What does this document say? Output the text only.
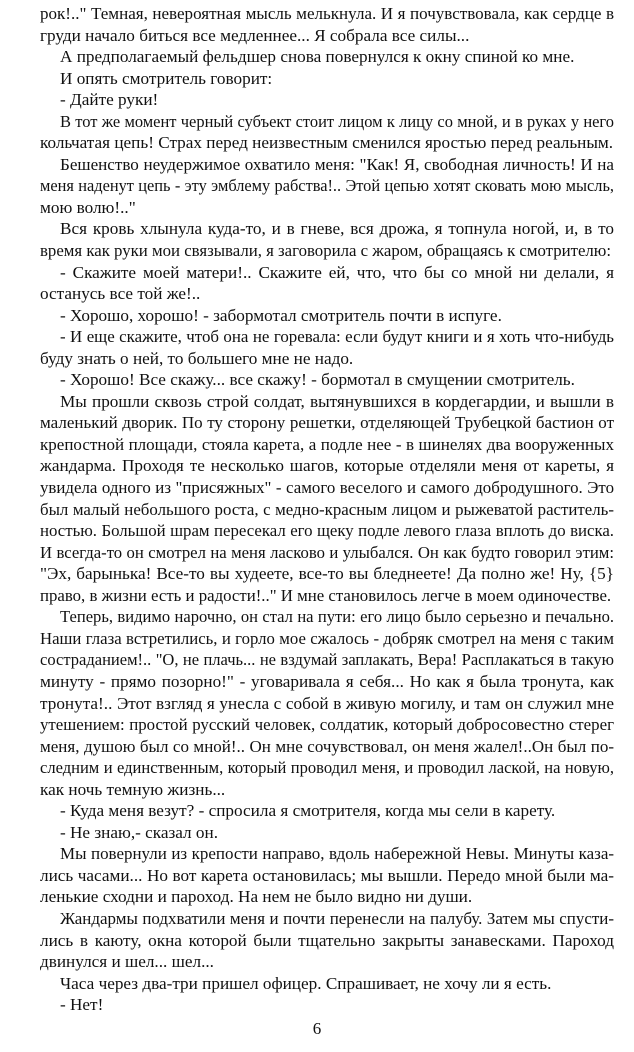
рок!.." Темная, невероятная мысль мелькнула. И я почувствовала, как сердце в
груди начало биться все медленнее... Я собрала все силы...
А предполагаемый фельдшер снова повернулся к окну спиной ко мне.
И опять смотритель говорит:
- Дайте руки!
В тот же момент черный субъект стоит лицом к лицу со мной, и в руках у него
кольчатая цепь! Страх перед неизвестным сменился яростью перед реальным.
Бешенство неудержимое охватило меня: "Как! Я, свободная личность! И на
меня наденут цепь - эту эмблему рабства!.. Этой цепью хотят сковать мою мысль,
мою волю!.."
Вся кровь хлынула куда-то, и в гневе, вся дрожа, я топнула ногой, и, в то
время как руки мои связывали, я заговорила с жаром, обращаясь к смотрителю:
- Скажите моей матери!.. Скажите ей, что, что бы со мной ни делали, я
останусь все той же!..
- Хорошо, хорошо! - забормотал смотритель почти в испуге.
- И еще скажите, чтоб она не горевала: если будут книги и я хоть что-нибудь
буду знать о ней, то большего мне не надо.
- Хорошо! Все скажу... все скажу! - бормотал в смущении смотритель.
Мы прошли сквозь строй солдат, вытянувшихся в кордегардии, и вышли в
маленький дворик. По ту сторону решетки, отделяющей Трубецкой бастион от
крепостной площади, стояла карета, а подле нее - в шинелях два вооруженных
жандарма. Проходя те несколько шагов, которые отделяли меня от кареты, я
увидела одного из "присяжных" - самого веселого и самого добродушного. Это
был малый небольшого роста, с медно-красным лицом и рыжеватой раститель-
ностью. Большой шрам пересекал его щеку подле левого глаза вплоть до виска.
И всегда-то он смотрел на меня ласково и улыбался. Он как будто говорил этим:
"Эх, барынька! Все-то вы худеете, все-то вы бледнеете! Да полно же! Ну, {5}
право, в жизни есть и радости!.." И мне становилось легче в моем одиночестве.
Теперь, видимо нарочно, он стал на пути: его лицо было серьезно и печально.
Наши глаза встретились, и горло мое сжалось - добряк смотрел на меня с таким
состраданием!.. "О, не плачь... не вздумай заплакать, Вера! Расплакаться в такую
минуту - прямо позорно!" - уговаривала я себя... Но как я была тронута, как
тронута!.. Этот взгляд я унесла с собой в живую могилу, и там он служил мне
утешением: простой русский человек, солдатик, который добросовестно стерег
меня, душою был со мной!.. Он мне сочувствовал, он меня жалел!..Он был по-
следним и единственным, который проводил меня, и проводил лаской, на новую,
как ночь темную жизнь...
- Куда меня везут? - спросила я смотрителя, когда мы сели в карету.
- Не знаю,- сказал он.
Мы повернули из крепости направо, вдоль набережной Невы. Минуты каза-
лись часами... Но вот карета остановилась; мы вышли. Передо мной были ма-
ленькие сходни и пароход. На нем не было видно ни души.
Жандармы подхватили меня и почти перенесли на палубу. Затем мы спусти-
лись в каюту, окна которой были тщательно закрыты занавесками. Пароход
двинулся и шел... шел...
Часа через два-три пришел офицер. Спрашивает, не хочу ли я есть.
- Нет!
6
